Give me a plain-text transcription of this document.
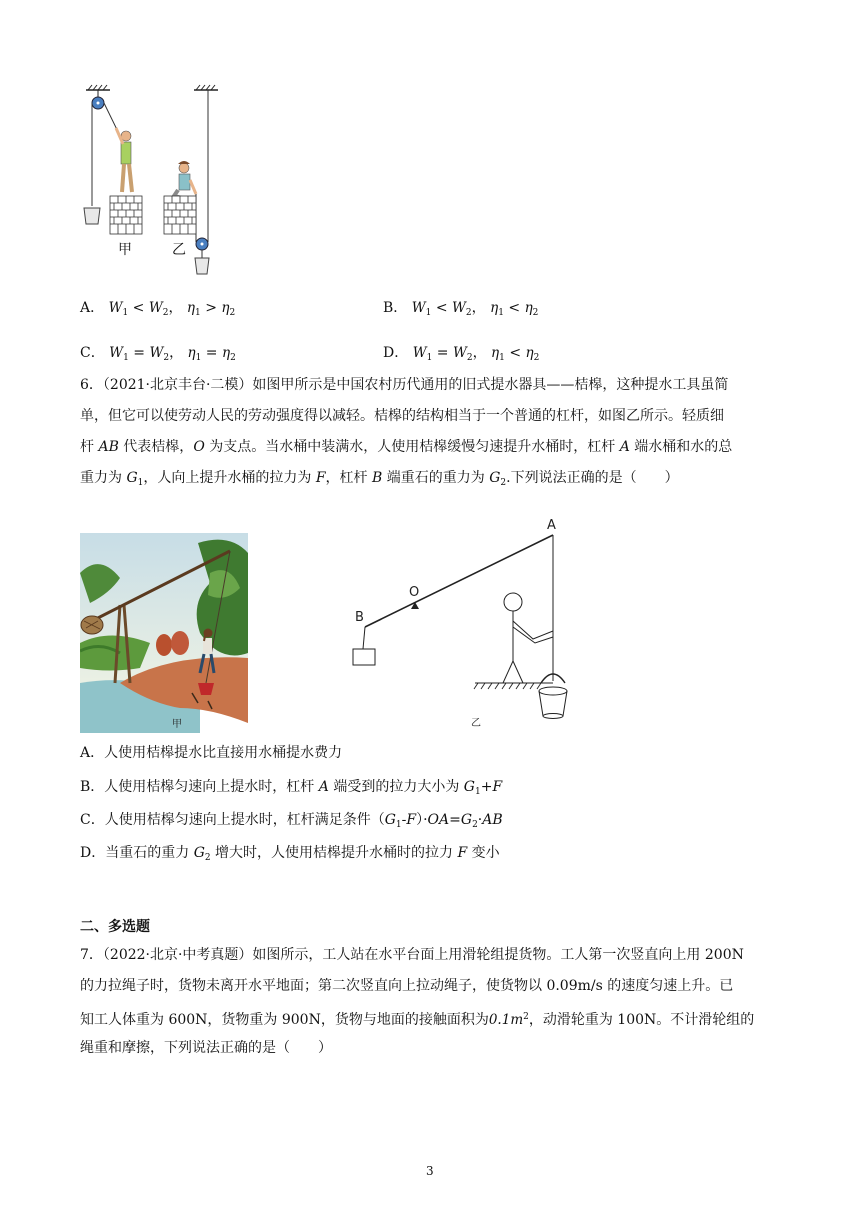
甲	乙
A． $W_1 < W_2$， $\eta_1 > \eta_2$	B． $W_1 < W_2$， $\eta_1 < \eta_2$
C． $W_1 = W_2$， $\eta_1 = \eta_2$	D． $W_1 = W_2$， $\eta_1 < \eta_2$
6．（2021·北京丰台·二模）如图甲所示是中国农村历代通用的旧式提水器具——桔槔，这种提水工具虽简
单，但它可以使劳动人民的劳动强度得以减轻。桔槔的结构相当于一个普通的杠杆，如图乙所示。轻质细
杆 AB 代表桔槔，O 为支点。当水桶中装满水，人使用桔槔缓慢匀速提升水桶时，杠杆 A 端水桶和水的总
重力为 $G_1$，人向上提升水桶的拉力为 F，杠杆 B 端重石的重力为 $G_2$.下列说法正确的是（　　）
甲
A
O
B
乙
A．人使用桔槔提水比直接用水桶提水费力
B．人使用桔槔匀速向上提水时，杠杆 A 端受到的拉力大小为 $G_1+F$
C．人使用桔槔匀速向上提水时，杠杆满足条件$(G_1-F)\cdot OA=G_2\cdot AB$
D．当重石的重力 $G_2$ 增大时，人使用桔槔提升水桶时的拉力 F 变小
二、多选题
7．（2022·北京·中考真题）如图所示，工人站在水平台面上用滑轮组提货物。工人第一次竖直向上用 200N
的力拉绳子时，货物未离开水平地面；第二次竖直向上拉动绳子，使货物以 0.09m/s 的速度匀速上升。已
知工人体重为 600N，货物重为 900N，货物与地面的接触面积为$0.1m^2$，动滑轮重为 100N。不计滑轮组的
绳重和摩擦，下列说法正确的是（　　）
3
